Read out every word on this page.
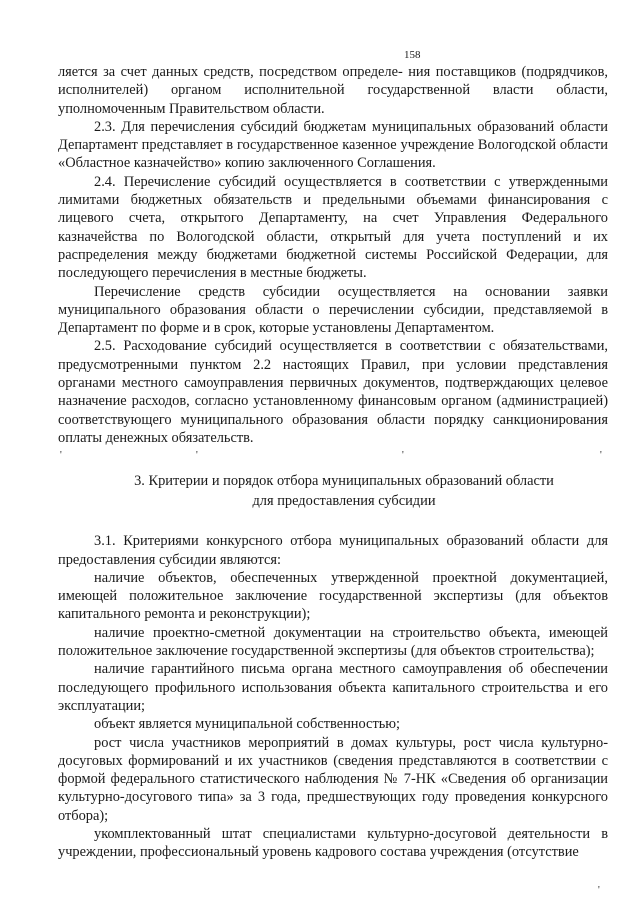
158

ляется за счет данных средств, посредством определе- ния поставщиков (подрядчиков, исполнителей) органом исполнительной государственной власти области, уполномоченным Правительством области.

2.3. Для перечисления субсидий бюджетам муниципальных образований области Департамент представляет в государственное казенное учреждение Вологодской области «Областное казначейство» копию заключенного Соглашения.

2.4. Перечисление субсидий осуществляется в соответствии с утвержденными лимитами бюджетных обязательств и предельными объемами финансирования с лицевого счета, открытого Департаменту, на счет Управления Федерального казначейства по Вологодской области, открытый для учета поступлений и их распределения между бюджетами бюджетной системы Российской Федерации, для последующего перечисления в местные бюджеты.

Перечисление средств субсидии осуществляется на основании заявки муниципального образования области о перечислении субсидии, представляемой в Департамент по форме и в срок, которые установлены Департаментом.

2.5. Расходование субсидий осуществляется в соответствии с обязательствами, предусмотренными пунктом 2.2 настоящих Правил, при условии представления органами местного самоуправления первичных документов, подтверждающих целевое назначение расходов, согласно установленному финансовым органом (администрацией) соответствующего муниципального образования области порядку санкционирования оплаты денежных обязательств.

'	'	'	'

3. Критерии и порядок отбора муниципальных образований области

для предоставления субсидии

3.1. Критериями конкурсного отбора муниципальных образований области для предоставления субсидии являются:

наличие объектов, обеспеченных утвержденной проектной документацией, имеющей положительное заключение государственной экспертизы (для объектов капитального ремонта и реконструкции);

наличие проектно-сметной документации на строительство объекта, имеющей положительное заключение государственной экспертизы (для объектов строительства);

наличие гарантийного письма органа местного самоуправления об обеспечении последующего профильного использования объекта капитального строительства и его эксплуатации;

объект является муниципальной собственностью;

рост числа участников мероприятий в домах культуры, рост числа культурно-досуговых формирований и их участников (сведения представляются в соответствии с формой федерального статистического наблюдения № 7-НК «Сведения об организации культурно-досугового типа» за 3 года, предшествующих году проведения конкурсного отбора);

укомплектованный штат специалистами культурно-досуговой деятельности в учреждении, профессиональный уровень кадрового состава учреждения (отсутствие

'
